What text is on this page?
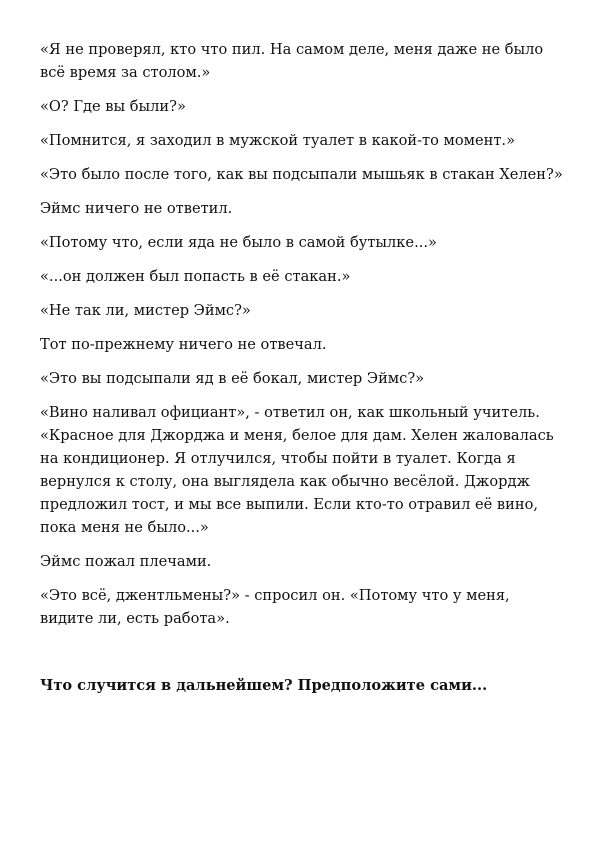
«Я не проверял, кто что пил. На самом деле, меня даже не было всё время за столом.»

«О? Где вы были?»

«Помнится, я заходил в мужской туалет в какой-то момент.»

«Это было после того, как вы подсыпали мышьяк в стакан Хелен?»

Эймс ничего не ответил.

«Потому что, если яда не было в самой бутылке...»

«...он должен был попасть в её стакан.»

«Не так ли, мистер Эймс?»

Тот по-прежнему ничего не отвечал.

«Это вы подсыпали яд в её бокал, мистер Эймс?»

«Вино наливал официант», - ответил он, как школьный учитель. «Красное для Джорджа и меня, белое для дам. Хелен жаловалась на кондиционер. Я отлучился, чтобы пойти в туалет. Когда я вернулся к столу, она выглядела как обычно весёлой. Джордж предложил тост, и мы все выпили. Если кто-то отравил её вино, пока меня не было...»

Эймс пожал плечами.

«Это всё, джентльмены?» - спросил он. «Потому что у меня, видите ли, есть работа».

Что случится в дальнейшем? Предположите сами...
